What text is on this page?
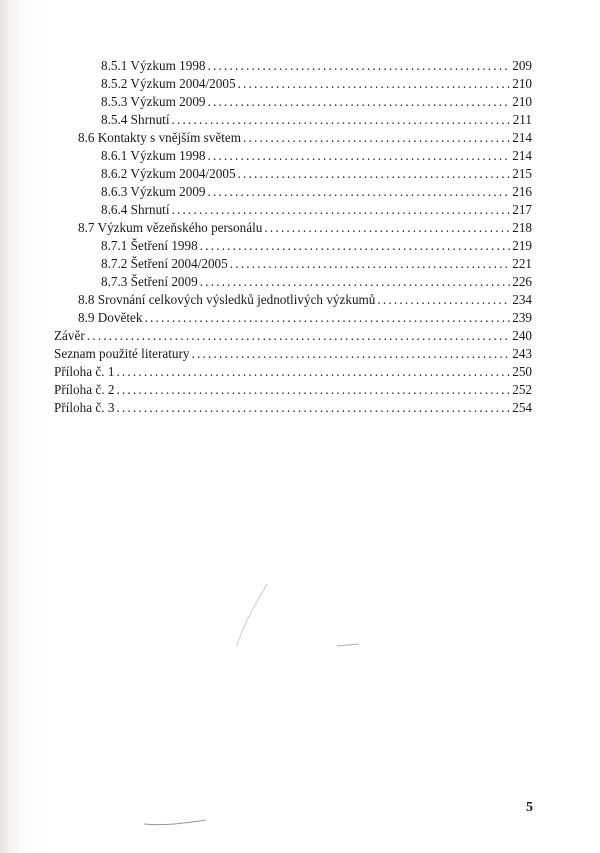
8.5.1 Výzkum 1998 .....	209
8.5.2 Výzkum 2004/2005 .....	210
8.5.3 Výzkum 2009 .....	210
8.5.4 Shrnutí .....	211
8.6 Kontakty s vnějším světem .....	214
8.6.1 Výzkum 1998 .....	214
8.6.2 Výzkum 2004/2005 .....	215
8.6.3 Výzkum 2009 .....	216
8.6.4 Shrnutí .....	217
8.7 Výzkum vězeňského personálu .....	218
8.7.1 Šetření 1998 .....	219
8.7.2 Šetření 2004/2005 .....	221
8.7.3 Šetření 2009 .....	226
8.8 Srovnání celkových výsledků jednotlivých výzkumů .....	234
8.9 Dovětek .....	239
Závěr .....	240
Seznam použité literatury .....	243
Příloha č. 1 .....	250
Příloha č. 2 .....	252
Příloha č. 3 .....	254
5
